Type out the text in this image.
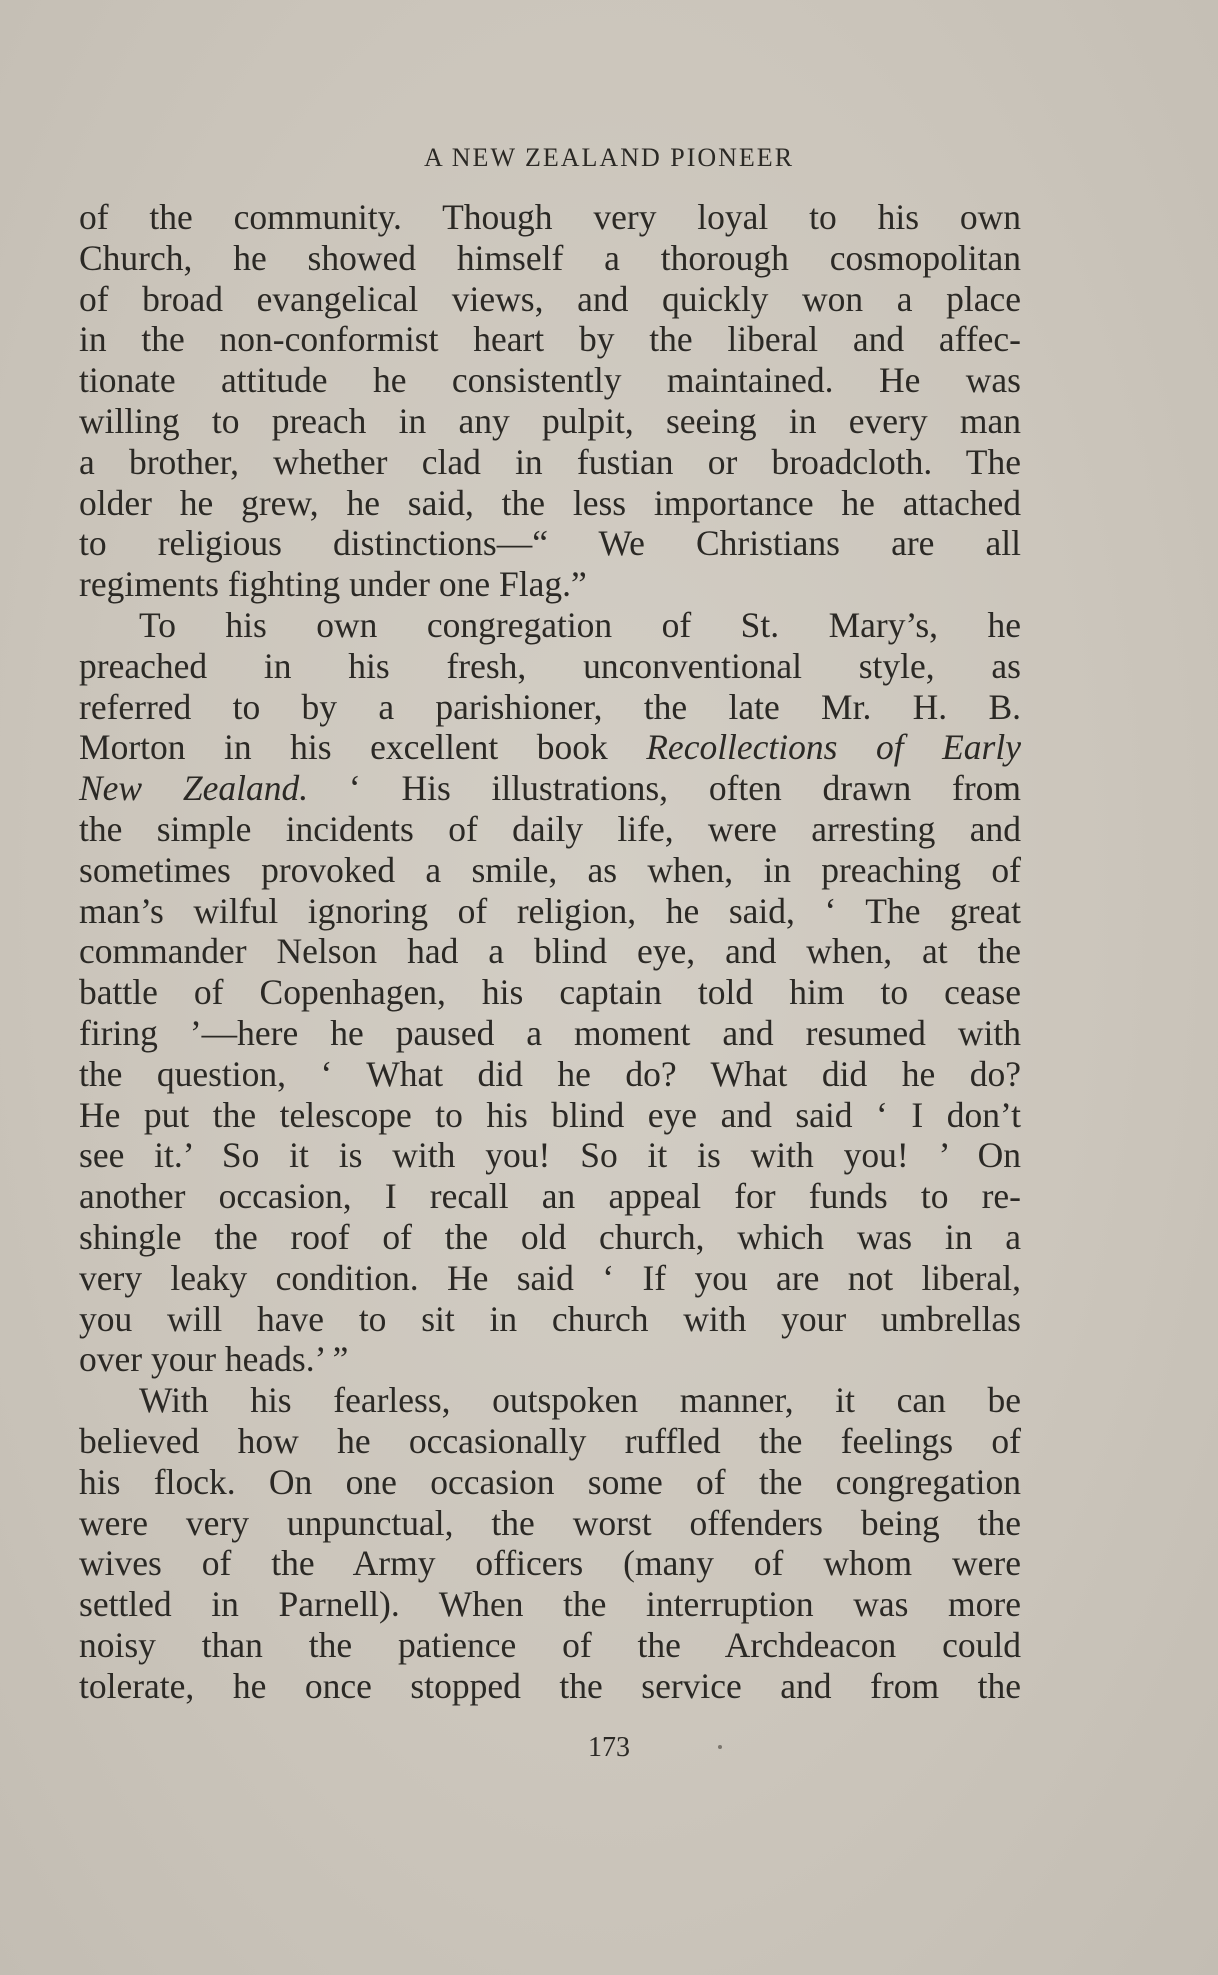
A NEW ZEALAND PIONEER
of the community. Though very loyal to his own
Church, he showed himself a thorough cosmopolitan
of broad evangelical views, and quickly won a place
in the non-conformist heart by the liberal and affec-
tionate attitude he consistently maintained. He was
willing to preach in any pulpit, seeing in every man
a brother, whether clad in fustian or broadcloth. The
older he grew, he said, the less importance he attached
to religious distinctions—“ We Christians are all
regiments fighting under one Flag.”
To his own congregation of St. Mary’s, he
preached in his fresh, unconventional style, as
referred to by a parishioner, the late Mr. H. B.
Morton in his excellent book Recollections of Early
New Zealand. ‘ His illustrations, often drawn from
the simple incidents of daily life, were arresting and
sometimes provoked a smile, as when, in preaching of
man’s wilful ignoring of religion, he said, ‘ The great
commander Nelson had a blind eye, and when, at the
battle of Copenhagen, his captain told him to cease
firing ’—here he paused a moment and resumed with
the question, ‘ What did he do? What did he do?
He put the telescope to his blind eye and said ‘ I don’t
see it.’ So it is with you! So it is with you! ’ On
another occasion, I recall an appeal for funds to re-
shingle the roof of the old church, which was in a
very leaky condition. He said ‘ If you are not liberal,
you will have to sit in church with your umbrellas
over your heads.’ ”
With his fearless, outspoken manner, it can be
believed how he occasionally ruffled the feelings of
his flock. On one occasion some of the congregation
were very unpunctual, the worst offenders being the
wives of the Army officers (many of whom were
settled in Parnell). When the interruption was more
noisy than the patience of the Archdeacon could
tolerate, he once stopped the service and from the
173
